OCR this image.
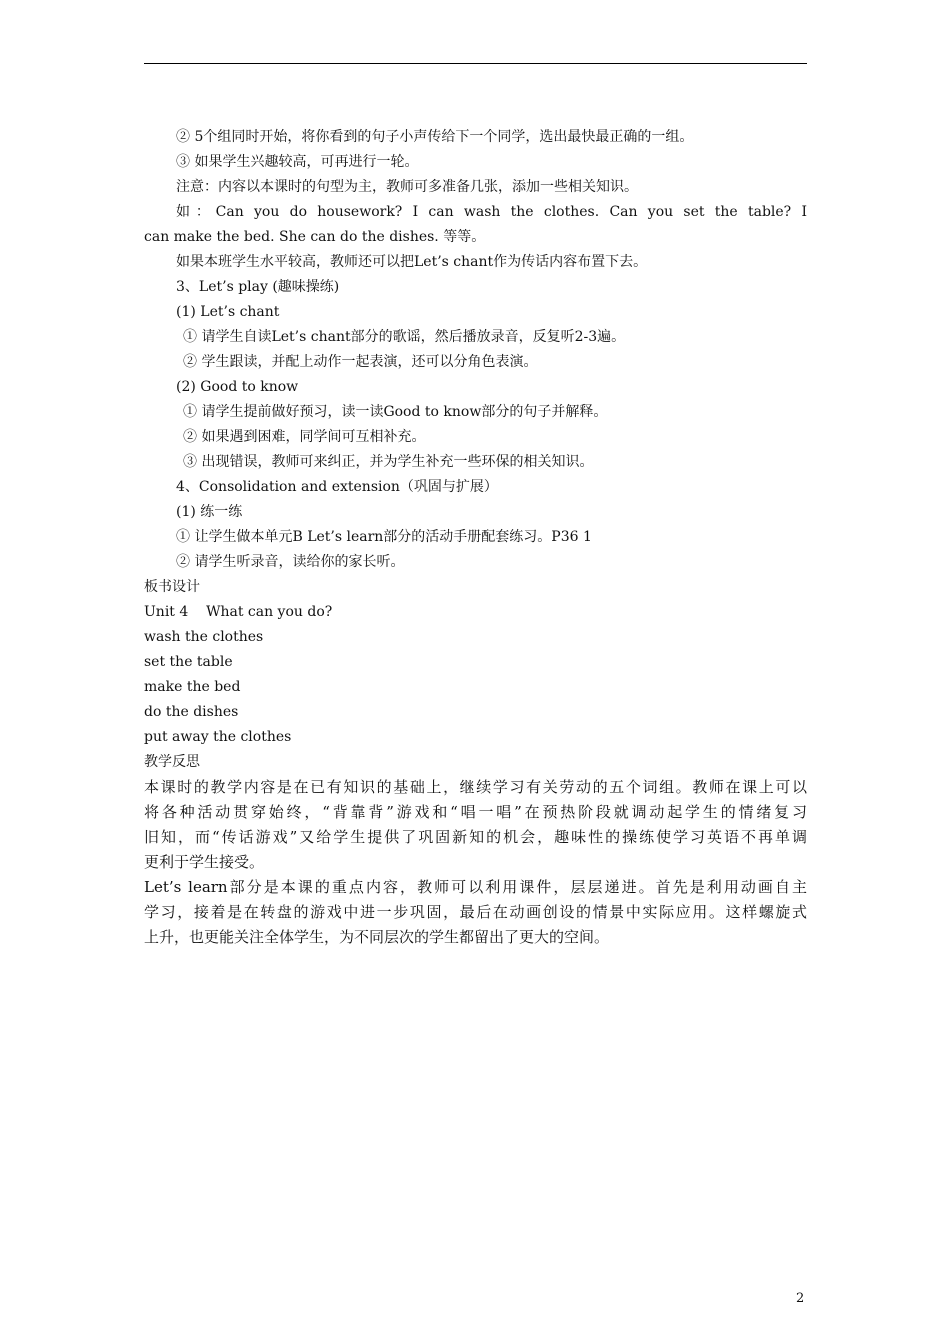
② 5个组同时开始，将你看到的句子小声传给下一个同学，选出最快最正确的一组。
③ 如果学生兴趣较高，可再进行一轮。
注意：内容以本课时的句型为主，教师可多准备几张，添加一些相关知识。
如：Can you do housework? I can wash the clothes. Can you set the table? I
can make the bed. She can do the dishes. 等等。
如果本班学生水平较高，教师还可以把Let’s chant作为传话内容布置下去。
3、Let’s play (趣味操练)
(1) Let’s chant
① 请学生自读Let’s chant部分的歌谣，然后播放录音，反复听2-3遍。
② 学生跟读，并配上动作一起表演，还可以分角色表演。
(2) Good to know
① 请学生提前做好预习，读一读Good to know部分的句子并解释。
② 如果遇到困难，同学间可互相补充。
③ 出现错误，教师可来纠正，并为学生补充一些环保的相关知识。
4、Consolidation and extension（巩固与扩展）
(1) 练一练
① 让学生做本单元B Let’s learn部分的活动手册配套练习。P36 1
② 请学生听录音，读给你的家长听。
板书设计
Unit 4    What can you do?
wash the clothes
set the table
make the bed
do the dishes
put away the clothes
教学反思
本课时的教学内容是在已有知识的基础上，继续学习有关劳动的五个词组。教师在课上可以
将各种活动贯穿始终，“背靠背”游戏和“唱一唱”在预热阶段就调动起学生的情绪复习
旧知，而“传话游戏”又给学生提供了巩固新知的机会，趣味性的操练使学习英语不再单调
更利于学生接受。
Let’s learn部分是本课的重点内容，教师可以利用课件，层层递进。首先是利用动画自主
学习，接着是在转盘的游戏中进一步巩固，最后在动画创设的情景中实际应用。这样螺旋式
上升，也更能关注全体学生，为不同层次的学生都留出了更大的空间。
2
